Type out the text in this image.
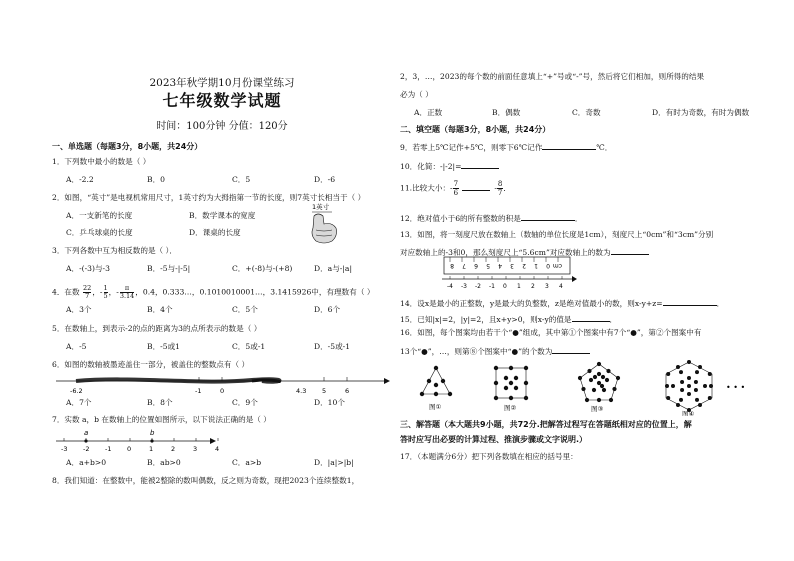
2023年秋学期10月份课堂练习
七年级数学试题
时间：100分钟 分值：120分
一、单选题（每题3分，8小题，共24分）
1．下列数中最小的数是（ ）
A．-2.2	B．0	C．5	D．-6
2．如图，“英寸”是电视机常用尺寸，1英寸约为大拇指第一节的长度，则7英寸长相当于（ ）
A．一支新笔的长度	B．数学课本的宽度
C．乒乓球桌的长度	D．课桌的长度
1英寸
3．下列各数中互为相反数的是（ ）．
A．-(-3)与-3	B．-5与-|-5|	C．+(-8)与-(+8)	D．a与-|a|
4．在数 $\frac{22}{7}$ ，- $\frac{1}{5}$ ，- $\frac{\pi}{3.14}$ ，0.4，0.333…，0.1010010001…，3.1415926中，有理数有（ ）
A．3个	B．4个	C．5个	D．6个
5．在数轴上，到表示-2的点的距离为3的点所表示的数是（ ）
A．-5	B．-5或1	C．5或-1	D．-5或-1
6．如图的数轴被墨迹盖住一部分，被盖住的整数点有（ ）
-6.2	-1	0	4.3 5	6
A．7个	B．8个	C．9个	D．10个
7．实数 a，b 在数轴上的位置如图所示，以下说法正确的是（ ）
-3 -2 -1 0	1	2	3	4
a	b
A．a+b>0	B．ab>0	C．a>b	D．|a|>|b|
8．我们知道：在整数中，能被2整除的数叫偶数，反之则为奇数，现把2023个连续整数1，
2，3，…，2023的每个数的前面任意填上“+”号或“-”号，然后将它们相加，则所得的结果
必为（ ）
A．正数	B．偶数	C．奇数	D．有时为奇数，有时为偶数
二、填空题（每题3分，8小题，共24分）
9．若零上5℃记作+5℃，则零下6℃记作	℃．
10．化简：-|-2|=
11.比较大小：- $\frac{7}{6}$	- $\frac{8}{7}$ ．
12．绝对值小于6的所有整数的积是	．
13．如图，将一刻度尺放在数轴上（数轴的单位长度是1cm），刻度尺上“0cm”和“3cm”分别
对应数轴上的-3和0，那么刻度尺上“5.6cm”对应数轴上的数为
8 7 6 5 4 3 2 1 0 cm
-4 -3 -2 -1 0 1 2 3 4
14．设x是最小的正整数，y是最大的负整数，z是绝对值最小的数，则x-y+z=	．
15．已知|x|=2，|y|=2，且x+y>0，则x-y的值是	．
16．如图，每个图案均由若干个“●”组成，其中第①个图案中有7个“●”，第②个图案中有
13个“●”，…，则第⑧个图案中“●”的个数为
图①	图②	图③
图④
• • •
三、解答题（本大题共9小题，共72分.把解答过程写在答题纸相对应的位置上，解
答时应写出必要的计算过程、推演步骤或文字说明.）
17．（本题满分6分）把下列各数填在相应的括号里：
